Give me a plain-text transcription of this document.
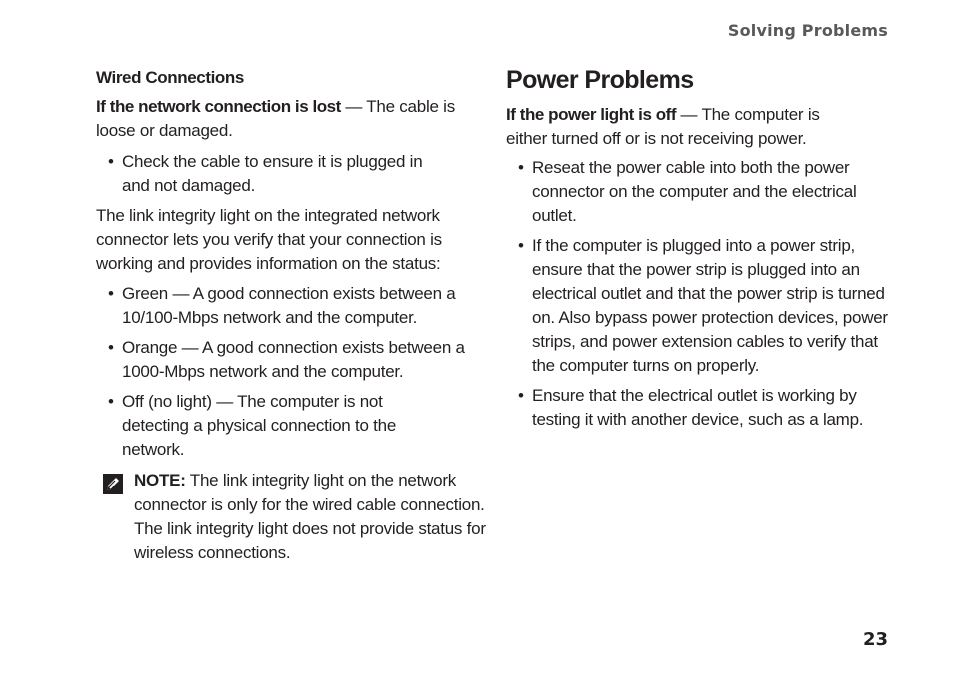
Solving Problems
Wired Connections

If the network connection is lost — The cable is loose or damaged.

• Check the cable to ensure it is plugged in and not damaged.

The link integrity light on the integrated network connector lets you verify that your connection is working and provides information on the status:

• Green — A good connection exists between a 10/100-Mbps network and the computer.
• Orange — A good connection exists between a 1000-Mbps network and the computer.
• Off (no light) — The computer is not detecting a physical connection to the network.

NOTE: The link integrity light on the network connector is only for the wired cable connection. The link integrity light does not provide status for wireless connections.

Power Problems

If the power light is off — The computer is either turned off or is not receiving power.

• Reseat the power cable into both the power connector on the computer and the electrical outlet.
• If the computer is plugged into a power strip, ensure that the power strip is plugged into an electrical outlet and that the power strip is turned on. Also bypass power protection devices, power strips, and power extension cables to verify that the computer turns on properly.
• Ensure that the electrical outlet is working by testing it with another device, such as a lamp.
23
